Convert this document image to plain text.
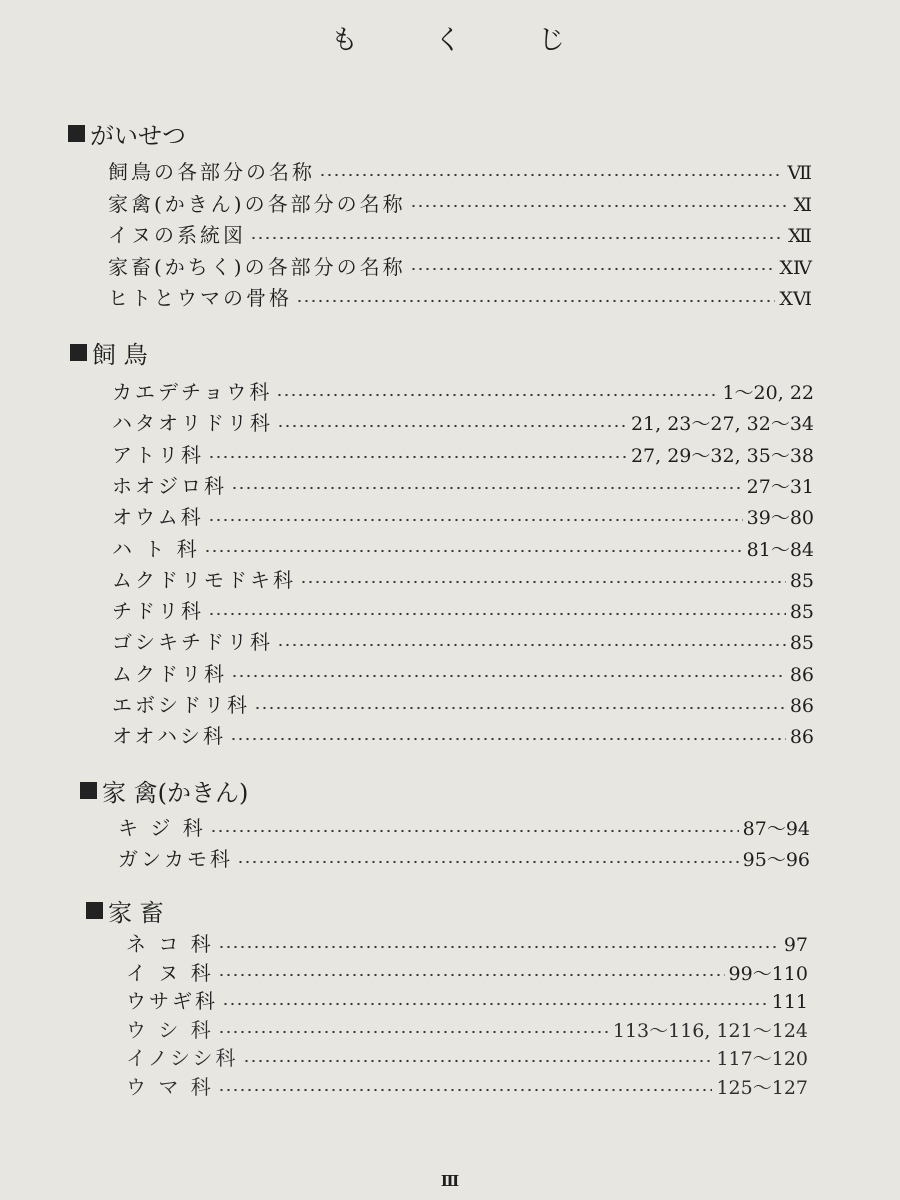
も く じ
がいせつ
飼鳥の各部分の名称	Ⅶ
家禽(かきん)の各部分の名称	Ⅺ
イヌの系統図	Ⅻ
家畜(かちく)の各部分の名称	ⅩⅣ
ヒトとウマの骨格	ⅩⅥ
飼 鳥
カエデチョウ科	1～20, 22
ハタオリドリ科	21, 23～27, 32～34
アトリ科	27, 29～32, 35～38
ホオジロ科	27～31
オウム科	39～80
ハ ト 科	81～84
ムクドリモドキ科	85
チドリ科	85
ゴシキチドリ科	85
ムクドリ科	86
エボシドリ科	86
オオハシ科	86
家 禽(かきん)
キ ジ 科	87～94
ガンカモ科	95～96
家 畜
ネ コ 科	97
イ ヌ 科	99～110
ウサギ科	111
ウ シ 科	113～116, 121～124
イノシシ科	117～120
ウ マ 科	125～127
Ⅲ
